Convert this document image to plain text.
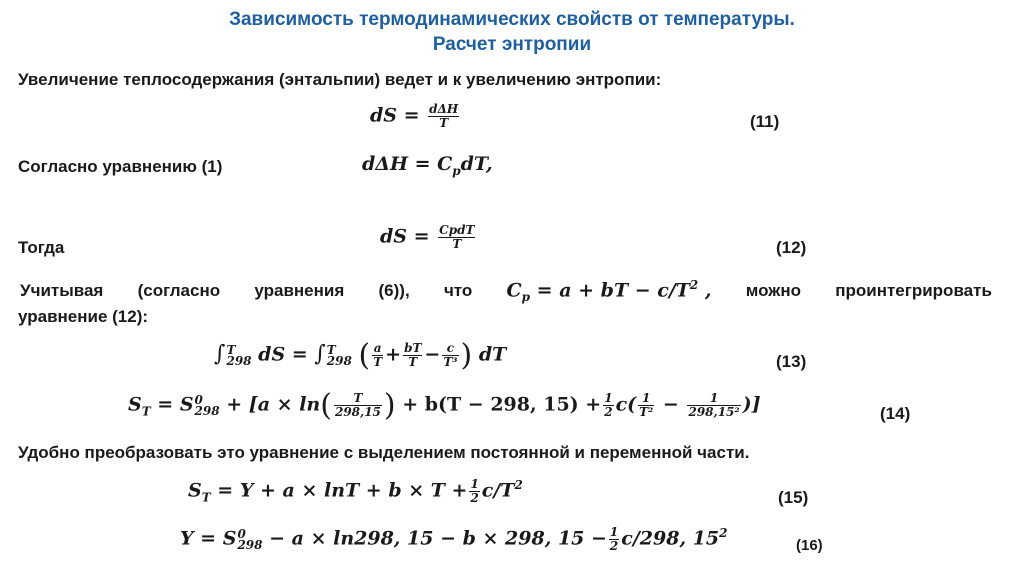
Зависимость термодинамических свойств от температуры.
Расчет энтропии
Увеличение теплосодержания (энтальпии) ведет и к увеличению энтропии:
dS = $\frac{\text{dΔH}}{T}$	(11)
Согласно уравнению (1)	$d\Delta H = C_pdT$,
Тогда	dS = $\frac{\text{CpdT}}{T}$	(12)
Учитывая (согласно уравнения (6)), что $C_p = a$ + bT − $c/T^2$ , можно проинтегрировать
уравнение (12):
∫ T
298 dS = ∫ T
298 ( $\frac{a}{T} + \frac{bT}{T} - \frac{c}{\text{T³}}$ ) dT	(13)
$S_T = S$ 0
$298 + [a \times \ln( \frac{T}{298,15}$ ) + b(T − 298, $15) + \frac{1}{2} c( \frac{1}{\text{T²}} - \frac{1}{\text{298,15²}}$ )]	(14)
Удобно преобразовать это уравнение с выделением постоянной и переменной части.
$S_T = Y + a \times \ln T + b \times T + \frac{1}{2} c/T^2$
(15)
Y = S 0
298 − a × ln298, 15 − b × 298, $15 - \frac{1}{2} c/298$, $15^2$
(16)
